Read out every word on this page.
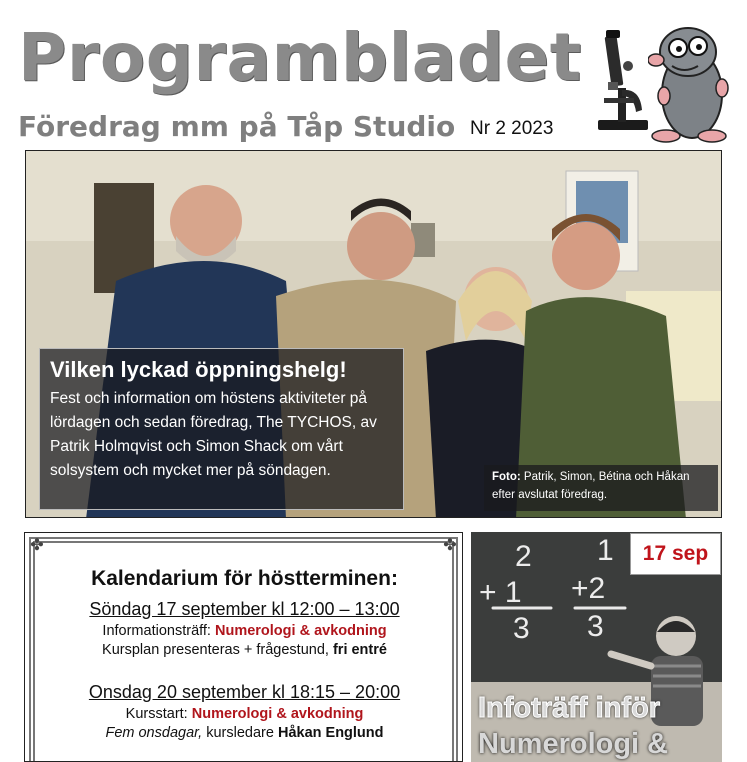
Programbladet
Föredrag mm på Tåp Studio Nr 2 2023
Vilken lyckad öppningshelg!
Fest och information om höstens aktiviteter på lördagen och sedan föredrag, The TYCHOS, av Patrik Holmqvist och Simon Shack om vårt solsystem och mycket mer på söndagen.	Foto: Patrik, Simon, Bétina och Håkan efter avslutat föredrag.
✤	✤
Kalendarium för höstterminen:
Söndag 17 september kl 12:00 – 13:00
Informationsträff: Numerologi & avkodning
Kursplan presenteras + frågestund, fri entré
Onsdag 20 september kl 18:15 – 20:00
Kursstart: Numerologi & avkodning
Fem onsdagar, kursledare Håkan Englund
2
+ 1
3
1
+2
3
17 sep
Infoträff inför
Numerologi &
